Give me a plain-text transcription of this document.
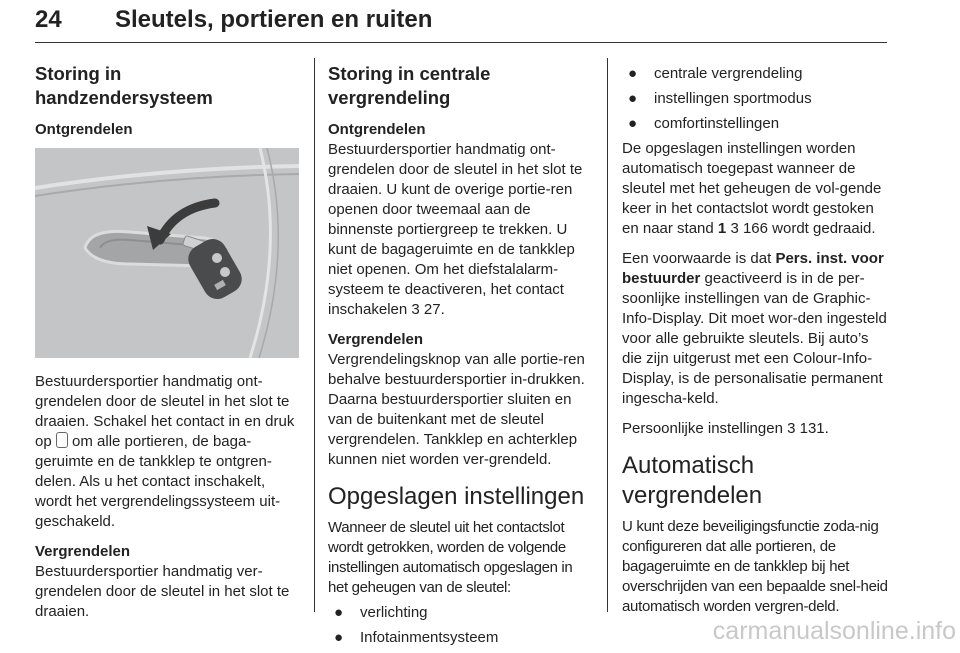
24 Sleutels, portieren en ruiten
Storing in handzendersysteem
Ontgrendelen

Bestuurdersportier handmatig ont-grendelen door de sleutel in het slot te draaien. Schakel het contact in en druk op om alle portieren, de baga-geruimte en de tankklep te ontgren-delen. Als u het contact inschakelt, wordt het vergrendelingssysteem uit-geschakeld.

Vergrendelen

Bestuurdersportier handmatig ver-grendelen door de sleutel in het slot te draaien.

Storing in centrale vergrendeling
Ontgrendelen

Bestuurdersportier handmatig ont-grendelen door de sleutel in het slot te draaien. U kunt de overige portie-ren openen door tweemaal aan de binnenste portiergreep te trekken. U kunt de bagageruimte en de tankklep niet openen. Om het diefstalalarm-systeem te deactiveren, het contact inschakelen 3 27.

Vergrendelen

Vergrendelingsknop van alle portie-ren behalve bestuurdersportier in-drukken. Daarna bestuurdersportier sluiten en van de buitenkant met de sleutel vergrendelen. Tankklep en achterklep kunnen niet worden ver-grendeld.

Opgeslagen instellingen

Wanneer de sleutel uit het contactslot wordt getrokken, worden de volgende instellingen automatisch opgeslagen in het geheugen van de sleutel:

● verlichting
● Infotainmentsysteem
● centrale vergrendeling
● instellingen sportmodus
● comfortinstellingen

De opgeslagen instellingen worden automatisch toegepast wanneer de sleutel met het geheugen de vol-gende keer in het contactslot wordt gestoken en naar stand 1 3 166 wordt gedraaid.

Een voorwaarde is dat Pers. inst. voor bestuurder geactiveerd is in de per-soonlijke instellingen van de Graphic-Info-Display. Dit moet wor-den ingesteld voor alle gebruikte sleutels. Bij auto’s die zijn uitgerust met een Colour-Info-Display, is de personalisatie permanent ingescha-keld.

Persoonlijke instellingen 3 131.

Automatisch vergrendelen

U kunt deze beveiligingsfunctie zoda-nig configureren dat alle portieren, de bagageruimte en de tankklep bij het overschrijden van een bepaalde snel-heid automatisch worden vergren-deld.

carmanualsonline.info
